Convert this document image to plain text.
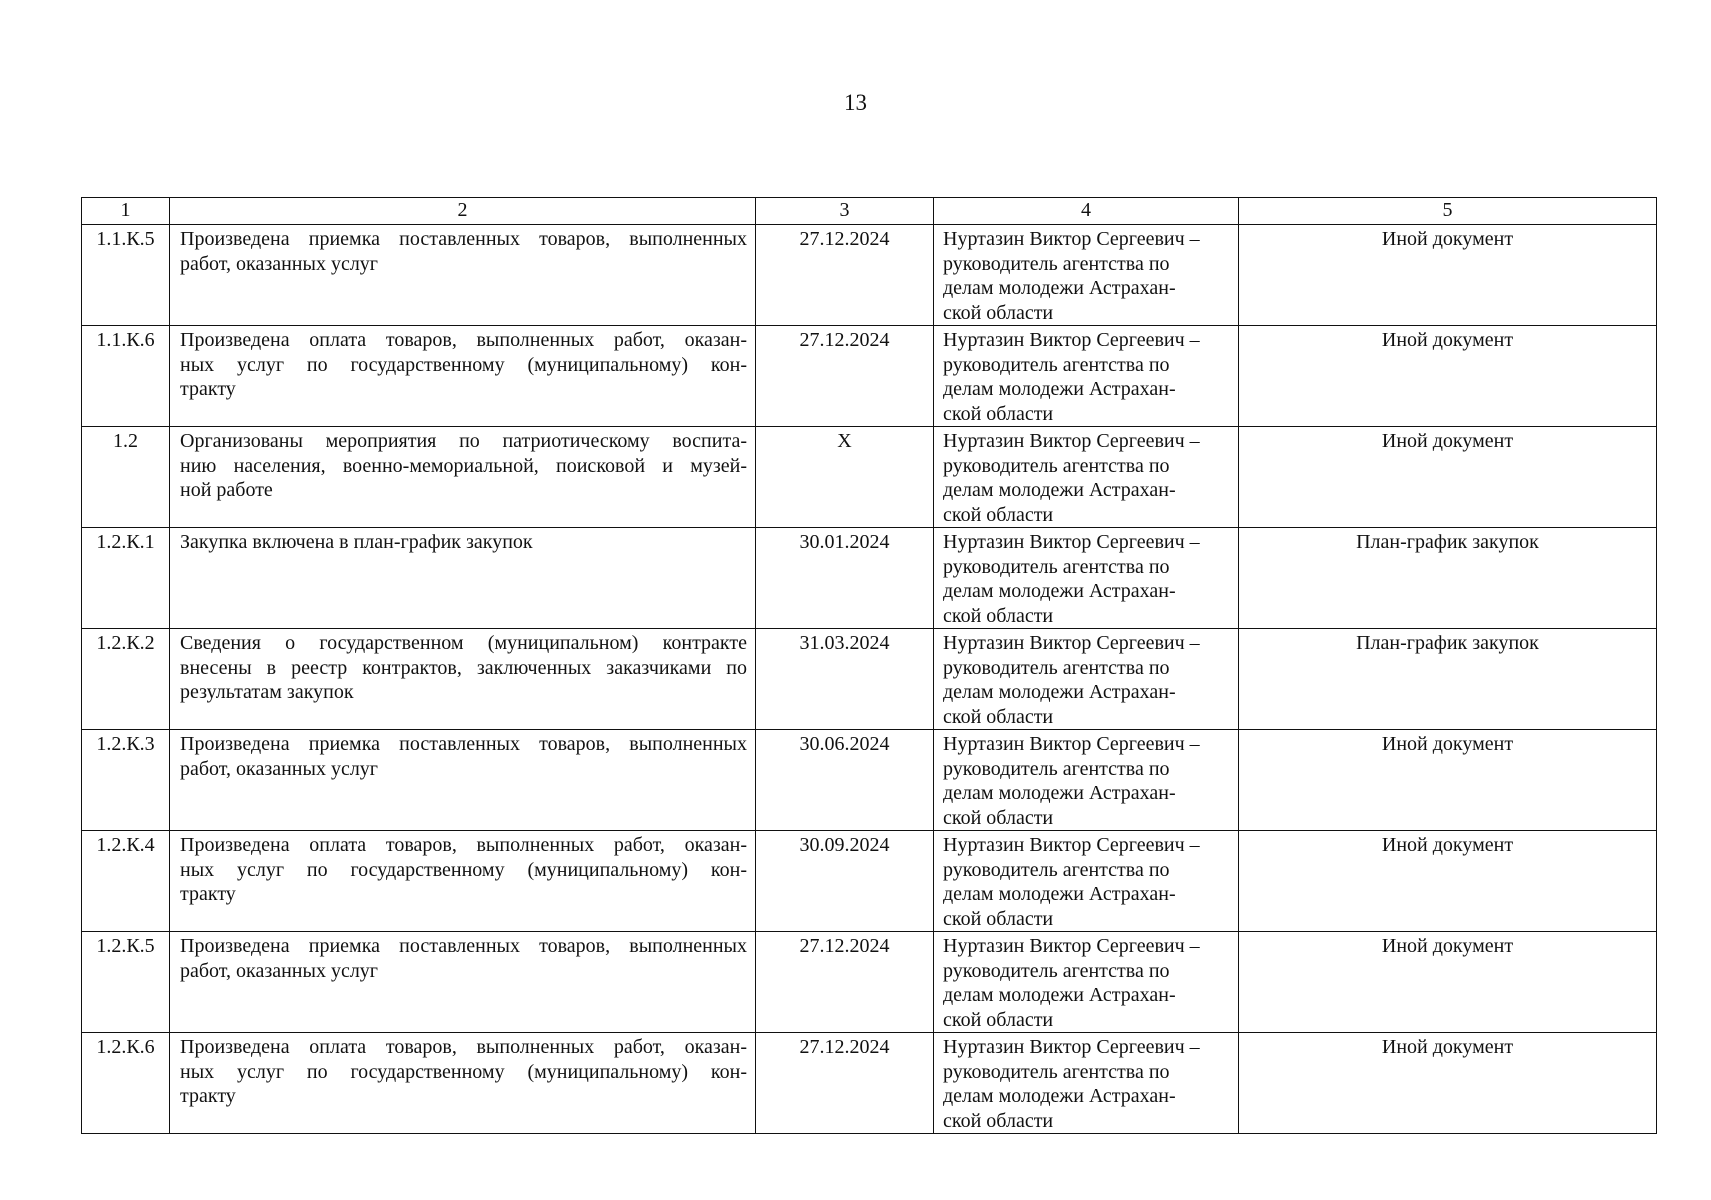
13
1	2	3	4	5
1.1.К.5	Произведена приемка поставленных товаров, выполненных
работ, оказанных услуг	27.12.2024	Нуртазин Виктор Сергеевич –
руководитель агентства по
делам молодежи Астрахан-
ской области	Иной документ
1.1.К.6	Произведена оплата товаров, выполненных работ, оказан-
ных услуг по государственному (муниципальному) кон-
тракту	27.12.2024	Нуртазин Виктор Сергеевич –
руководитель агентства по
делам молодежи Астрахан-
ской области	Иной документ
1.2	Организованы мероприятия по патриотическому воспита-
нию населения, военно-мемориальной, поисковой и музей-
ной работе	Х	Нуртазин Виктор Сергеевич –
руководитель агентства по
делам молодежи Астрахан-
ской области	Иной документ
1.2.К.1	Закупка включена в план-график закупок	30.01.2024	Нуртазин Виктор Сергеевич –
руководитель агентства по
делам молодежи Астрахан-
ской области	План-график закупок
1.2.К.2	Сведения о государственном (муниципальном) контракте
внесены в реестр контрактов, заключенных заказчиками по
результатам закупок	31.03.2024	Нуртазин Виктор Сергеевич –
руководитель агентства по
делам молодежи Астрахан-
ской области	План-график закупок
1.2.К.3	Произведена приемка поставленных товаров, выполненных
работ, оказанных услуг	30.06.2024	Нуртазин Виктор Сергеевич –
руководитель агентства по
делам молодежи Астрахан-
ской области	Иной документ
1.2.К.4	Произведена оплата товаров, выполненных работ, оказан-
ных услуг по государственному (муниципальному) кон-
тракту	30.09.2024	Нуртазин Виктор Сергеевич –
руководитель агентства по
делам молодежи Астрахан-
ской области	Иной документ
1.2.К.5	Произведена приемка поставленных товаров, выполненных
работ, оказанных услуг	27.12.2024	Нуртазин Виктор Сергеевич –
руководитель агентства по
делам молодежи Астрахан-
ской области	Иной документ
1.2.К.6	Произведена оплата товаров, выполненных работ, оказан-
ных услуг по государственному (муниципальному) кон-
тракту	27.12.2024	Нуртазин Виктор Сергеевич –
руководитель агентства по
делам молодежи Астрахан-
ской области	Иной документ
